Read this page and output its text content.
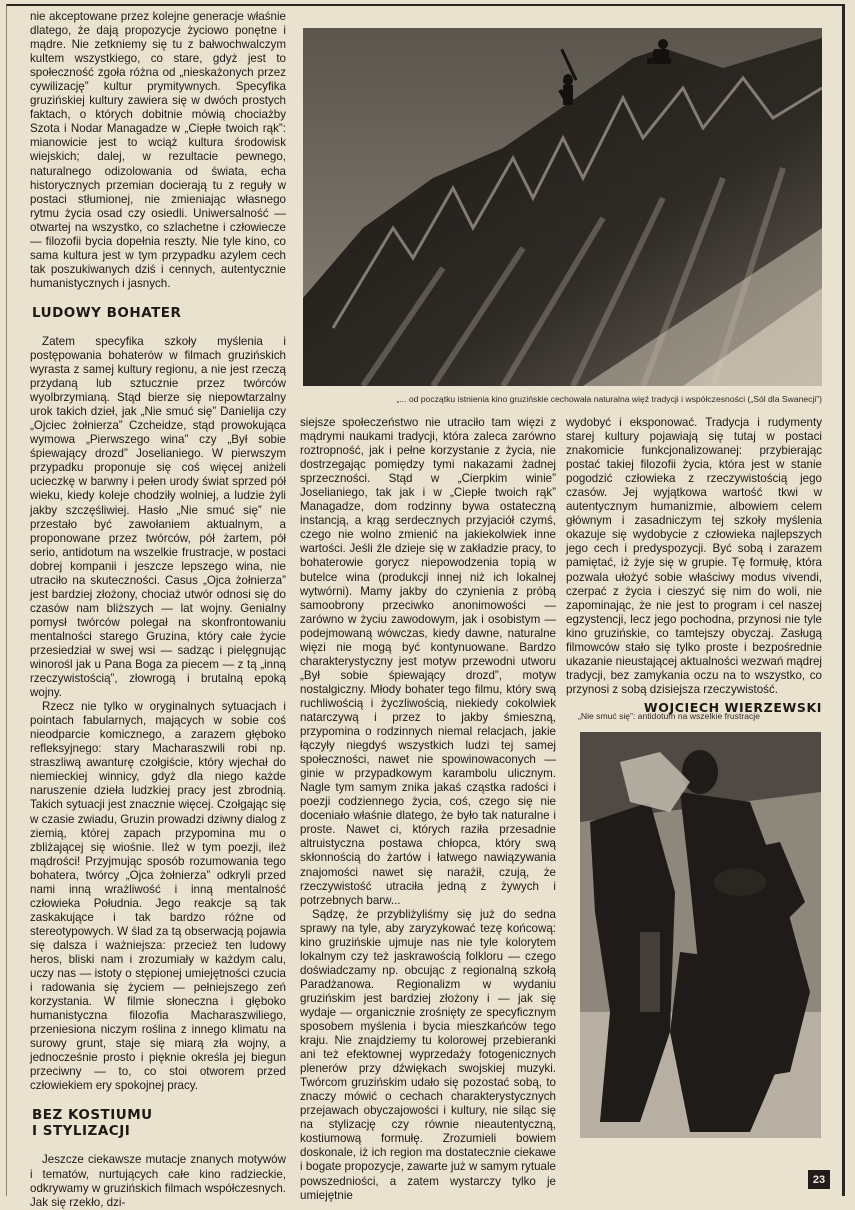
nie akceptowane przez kolejne generacje właśnie dlatego, że dają propozycje życiowo ponętne i mądre. Nie zetkniemy się tu z bałwochwalczym kultem wszystkiego, co stare, gdyż jest to społeczność zgoła różna od „nieskażonych przez cywilizację” kultur prymitywnych. Specyfika gruzińskiej kultury zawiera się w dwóch prostych faktach, o których dobitnie mówią chociażby Szota i Nodar Managadze w „Ciepłe twoich rąk”: mianowicie jest to wciąż kultura środowisk wiejskich; dalej, w rezultacie pewnego, naturalnego odizolowania od świata, echa historycznych przemian docierają tu z reguły w postaci stłumionej, nie zmieniając własnego rytmu życia osad czy osiedli. Uniwersalność — otwartej na wszystko, co szlachetne i człowiecze — filozofii bycia dopełnia reszty. Nie tyle kino, co sama kultura jest w tym przypadku azylem cech tak poszukiwanych dziś i cennych, autentycznie humanistycznych i jasnych.

LUDOWY BOHATER

Zatem specyfika szkoły myślenia i postępowania bohaterów w filmach gruzińskich wyrasta z samej kultury regionu, a nie jest rzeczą przydaną lub sztucznie przez twórców wyolbrzymianą. Stąd bierze się niepowtarzalny urok takich dzieł, jak „Nie smuć się” Danielija czy „Ojciec żołnierza” Czcheidze, stąd prowokująca wymowa „Pierwszego wina” czy „Był sobie śpiewający drozd” Joselianiego. W pierwszym przypadku proponuje się coś więcej aniżeli ucieczkę w barwny i pełen urody świat sprzed pół wieku, kiedy koleje chodziły wolniej, a ludzie żyli jakby szczęśliwiej. Hasło „Nie smuć się” nie przestało być zawołaniem aktualnym, a proponowane przez twórców, pół żartem, pół serio, antidotum na wszelkie frustracje, w postaci dobrej kompanii i jeszcze lepszego wina, nie utraciło na skuteczności. Casus „Ojca żołnierza” jest bardziej złożony, chociaż utwór odnosi się do czasów nam bliższych — lat wojny. Genialny pomysł twórców polegał na skonfrontowaniu mentalności starego Gruzina, który całe życie przesiedział w swej wsi — sadząc i pielęgnując winorośl jak u Pana Boga za piecem — z tą „inną rzeczywistością”, złowrogą i brutalną epoką wojny.

Rzecz nie tylko w oryginalnych sytuacjach i pointach fabularnych, mających w sobie coś nieodparcie komicznego, a zarazem głęboko refleksyjnego: stary Macharaszwili robi np. straszliwą awanturę czołgiście, który wjechał do niemieckiej winnicy, gdyż dla niego każde naruszenie dzieła ludzkiej pracy jest zbrodnią. Takich sytuacji jest znacznie więcej. Czołgając się w czasie zwiadu, Gruzin prowadzi dziwny dialog z ziemią, której zapach przypomina mu o zbliżającej się wiośnie. Ileż w tym poezji, ileż mądrości! Przyjmując sposób rozumowania tego bohatera, twórcy „Ojca żołnierza” odkryli przed nami inną wrażliwość i inną mentalność człowieka Południa. Jego reakcje są tak zaskakujące i tak bardzo różne od stereotypowych. W ślad za tą obserwacją pojawia się dalsza i ważniejsza: przecież ten ludowy heros, bliski nam i zrozumiały w każdym calu, uczy nas — istoty o stępionej umiejętności czucia i radowania się życiem — pełniejszego zeń korzystania. W filmie słoneczna i głęboko humanistyczna filozofia Macharaszwiliego, przeniesiona niczym roślina z innego klimatu na surowy grunt, staje się miarą zła wojny, a jednocześnie prosto i pięknie określa jej biegun przeciwny — to, co stoi otworem przed człowiekiem ery spokojnej pracy.

BEZ KOSTIUMU I STYLIZACJI

Jeszcze ciekawsze mutacje znanych motywów i tematów, nurtujących całe kino radzieckie, odkrywamy w gruzińskich filmach współczesnych. Jak się rzekło, dzi-

„... od początku istnienia kino gruzińskie cechowała naturalna więź tradycji i współczesności („Sól dla Swanecji”)

siejsze społeczeństwo nie utraciło tam więzi z mądrymi naukami tradycji, która zaleca zarówno roztropność, jak i pełne korzystanie z życia, nie dostrzegając pomiędzy tymi nakazami żadnej sprzeczności. Stąd w „Cierpkim winie” Joselianiego, tak jak i w „Ciepłe twoich rąk” Managadze, dom rodzinny bywa ostateczną instancją, a krąg serdecznych przyjaciół czymś, czego nie wolno zmienić na jakiekolwiek inne wartości. Jeśli źle dzieje się w zakładzie pracy, to bohaterowie gorycz niepowodzenia topią w butelce wina (produkcji innej niż ich lokalnej wytwórni). Mamy jakby do czynienia z próbą samoobrony przeciwko anonimowości — zarówno w życiu zawodowym, jak i osobistym — podejmowaną wówczas, kiedy dawne, naturalne więzi nie mogą być kontynuowane. Bardzo charakterystyczny jest motyw przewodni utworu „Był sobie śpiewający drozd”, motyw nostalgiczny. Młody bohater tego filmu, który swą ruchliwością i życzliwością, niekiedy cokolwiek natarczywą i przez to jakby śmieszną, przypomina o rodzinnych niemal relacjach, jakie łączyły niegdyś wszystkich ludzi tej samej społeczności, nawet nie spowinowaconych — ginie w przypadkowym karambolu ulicznym. Nagle tym samym znika jakaś cząstka radości i poezji codziennego życia, coś, czego się nie doceniało właśnie dlatego, że było tak naturalne i proste. Nawet ci, których raziła przesadnie altruistyczna postawa chłopca, który swą skłonnością do żartów i łatwego nawiązywania znajomości nawet się narażił, czują, że rzeczywistość utraciła jedną z żywych i potrzebnych barw...

Sądzę, że przybliżyliśmy się już do sedna sprawy na tyle, aby zaryzykować tezę końcową: kino gruzińskie ujmuje nas nie tyle kolorytem lokalnym czy też jaskrawością folkloru — czego doświadczamy np. obcując z regionalną szkołą Paradżanowa. Regionalizm w wydaniu gruzińskim jest bardziej złożony i — jak się wydaje — organicznie zrośnięty ze specyficznym sposobem myślenia i bycia mieszkańców tego kraju. Nie znajdziemy tu kolorowej przebieranki ani też efektownej wyprzedaży fotogenicznych plenerów przy dźwiękach swojskiej muzyki. Twórcom gruzińskim udało się pozostać sobą, to znaczy mówić o cechach charakterystycznych przejawach obyczajowości i kultury, nie siląc się na stylizację czy równie nieautentyczną, kostiumową formułę. Zrozumieli bowiem doskonale, iż ich region ma dostatecznie ciekawe i bogate propozycje, zawarte już w samym rytuale powszedniości, a zatem wystarczy tylko je umiejętnie

wydobyć i eksponować. Tradycja i rudymenty starej kultury pojawiają się tutaj w postaci znakomicie funkcjonalizowanej: przybierając postać takiej filozofii życia, która jest w stanie pogodzić człowieka z rzeczywistością jego czasów. Jej wyjątkowa wartość tkwi w autentycznym humanizmie, albowiem celem głównym i zasadniczym tej szkoły myślenia okazuje się wydobycie z człowieka najlepszych jego cech i predyspozycji. Być sobą i zarazem pamiętać, iż żyje się w grupie. Tę formułę, która pozwala ułożyć sobie właściwy modus vivendi, czerpać z życia i cieszyć się nim do woli, nie zapominając, że nie jest to program i cel naszej egzystencji, lecz jego pochodna, przynosi nie tyle kino gruzińskie, co tamtejszy obyczaj. Zasługą filmowców stało się tylko proste i bezpośrednie ukazanie nieustającej aktualności wezwań mądrej tradycji, bez zamykania oczu na to wszystko, co przynosi z sobą dzisiejsza rzeczywistość.

WOJCIECH WIERZEWSKI
„Nie smuć się”: antidotum na wszelkie frustracje
23
